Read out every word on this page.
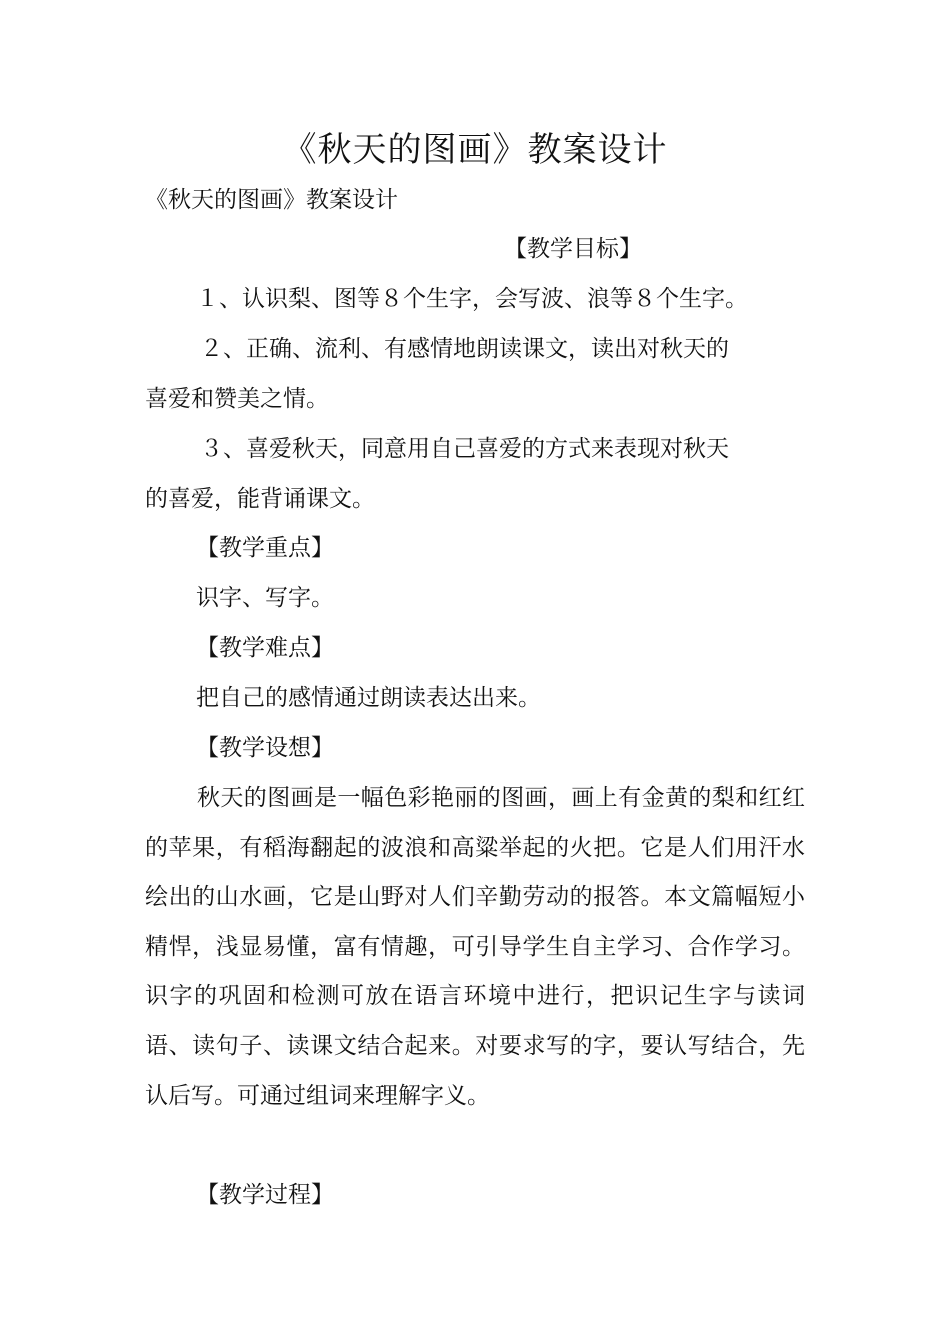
《秋天的图画》教案设计

《秋天的图画》教案设计

【教学目标】

１、认识梨、图等８个生字，会写波、浪等８个生字。

２、正确、流利、有感情地朗读课文，读出对秋天的

喜爱和赞美之情。

３、喜爱秋天，同意用自己喜爱的方式来表现对秋天

的喜爱，能背诵课文。

【教学重点】

识字、写字。

【教学难点】

把自己的感情通过朗读表达出来。

【教学设想】

秋天的图画是一幅色彩艳丽的图画，画上有金黄的梨和红红的苹果，有稻海翻起的波浪和高粱举起的火把。它是人们用汗水绘出的山水画，它是山野对人们辛勤劳动的报答。本文篇幅短小精悍，浅显易懂，富有情趣，可引导学生自主学习、合作学习。识字的巩固和检测可放在语言环境中进行，把识记生字与读词语、读句子、读课文结合起来。对要求写的字，要认写结合，先认后写。可通过组词来理解字义。

【教学过程】
